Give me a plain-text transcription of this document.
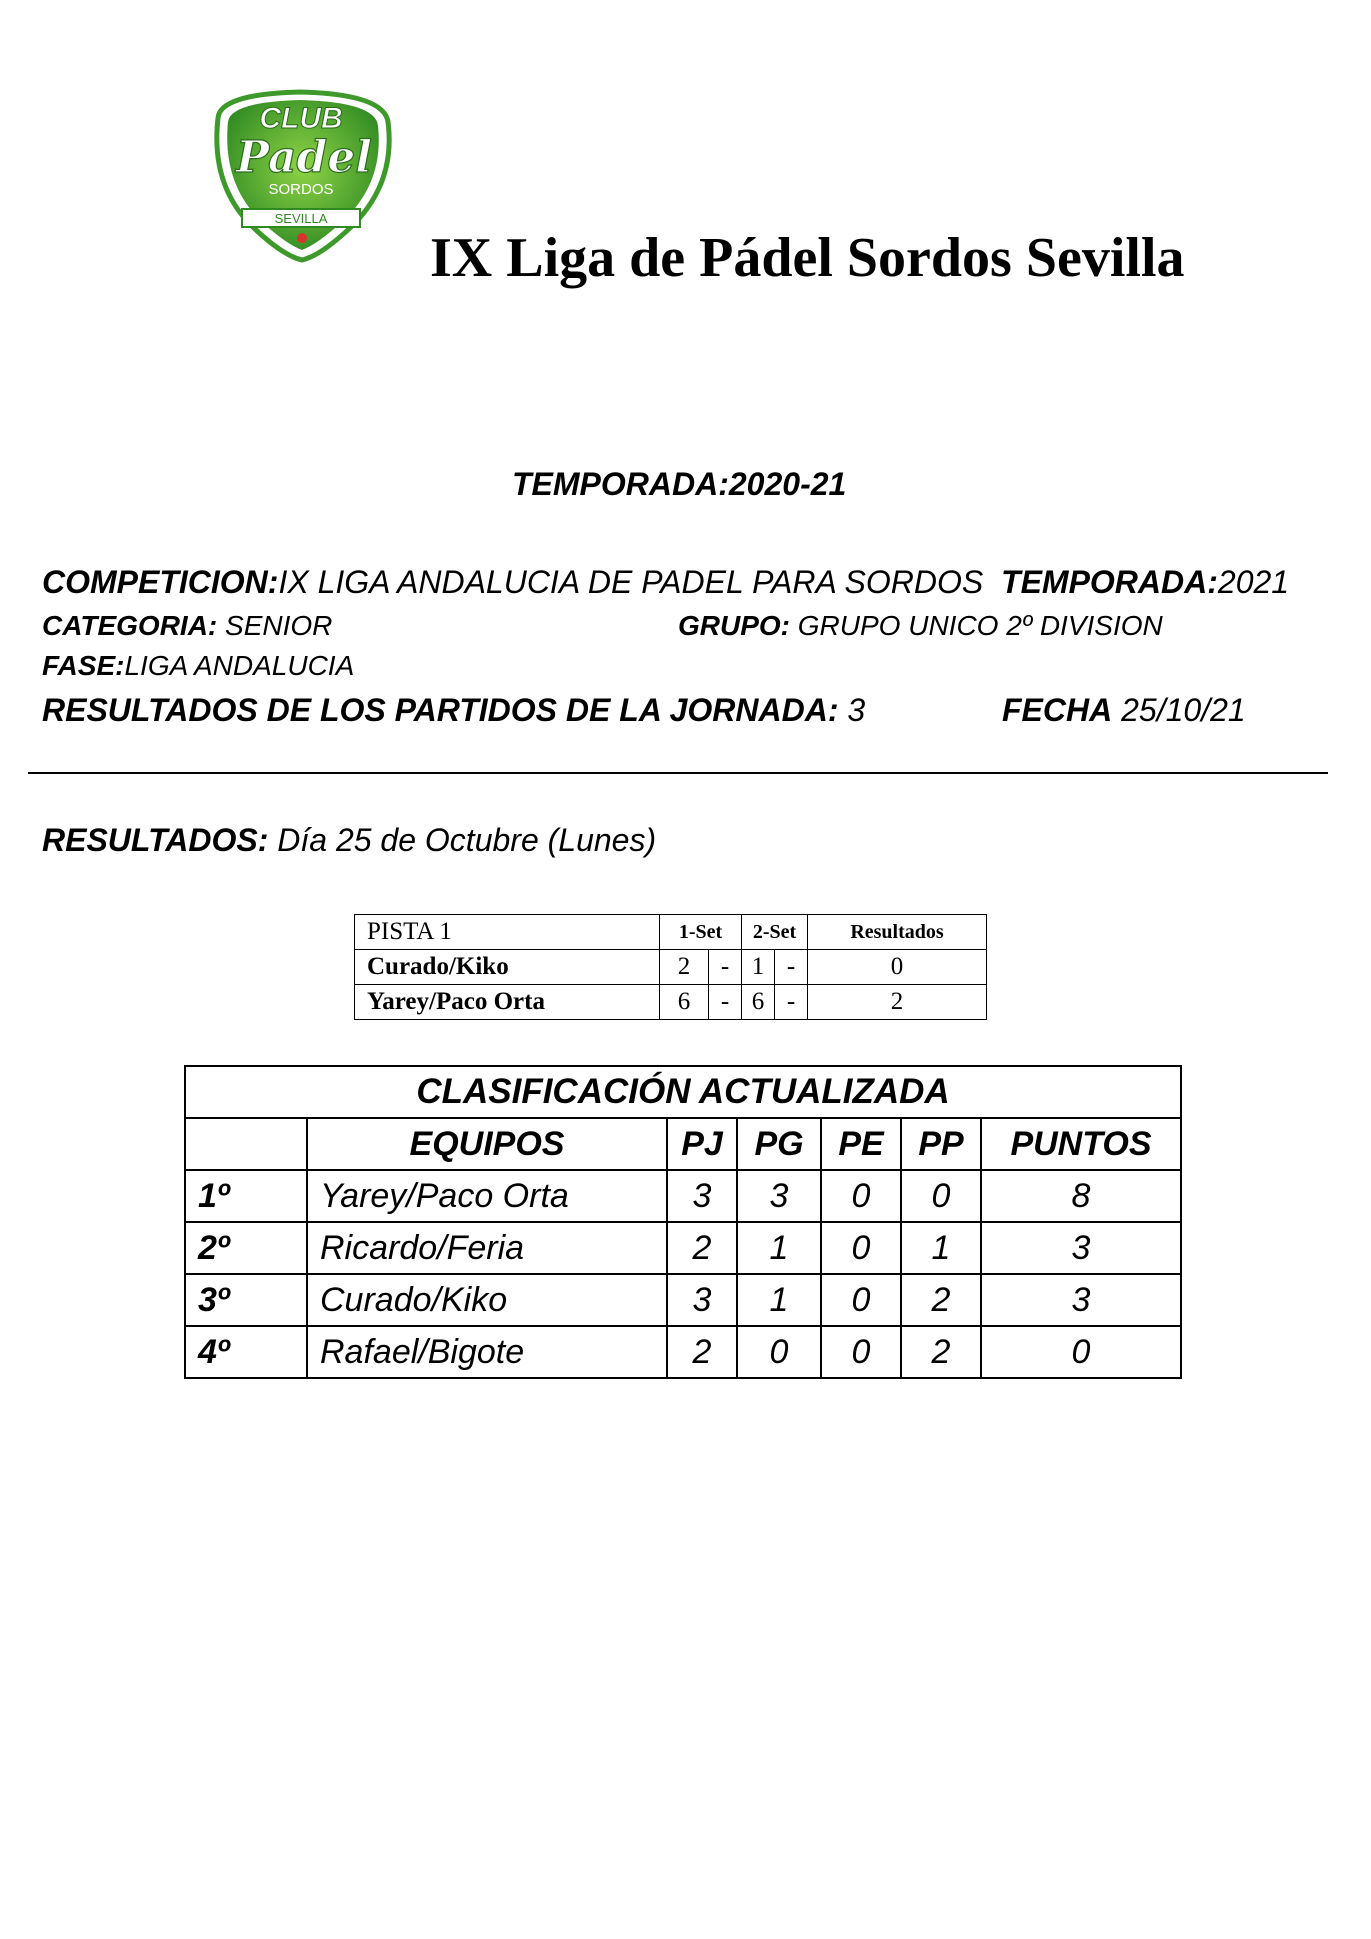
CLUB
Padel
SORDOS
SEVILLA
IX Liga de Pádel Sordos Sevilla
TEMPORADA:2020-21
COMPETICION:IX LIGA ANDALUCIA DE PADEL PARA SORDOS TEMPORADA:2021
CATEGORIA: SENIOR	GRUPO: GRUPO UNICO 2º DIVISION
FASE:LIGA ANDALUCIA
RESULTADOS DE LOS PARTIDOS DE LA JORNADA: 3	FECHA 25/10/21
RESULTADOS: Día 25 de Octubre (Lunes)
PISTA 1	1-Set		2-Set		Resultados
Curado/Kiko	2	-	1	-	0
Yarey/Paco Orta	6	-	6	-	2
CLASIFICACIÓN ACTUALIZADA						
	EQUIPOS	PJ	PG	PE	PP	PUNTOS
1º	Yarey/Paco Orta	3	3	0	0	8
2º	Ricardo/Feria	2	1	0	1	3
3º	Curado/Kiko	3	1	0	2	3
4º	Rafael/Bigote	2	0	0	2	0
